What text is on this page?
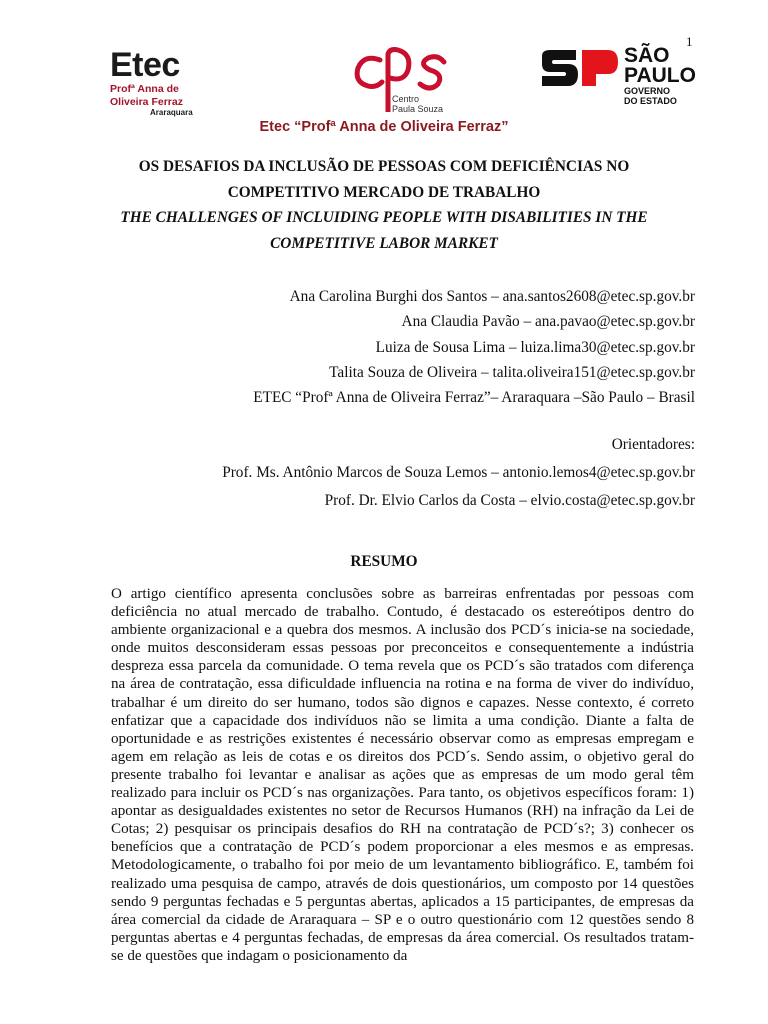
1
Etec
Profª Anna de
Oliveira Ferraz
Araraquara
Centro
Paula Souza
SÃO
PAULO
GOVERNO
DO ESTADO
Etec “Profª Anna de Oliveira Ferraz”
OS DESAFIOS DA INCLUSÃO DE PESSOAS COM DEFICIÊNCIAS NO
COMPETITIVO MERCADO DE TRABALHO
THE CHALLENGES OF INCLUIDING PEOPLE WITH DISABILITIES IN THE
COMPETITIVE LABOR MARKET
Ana Carolina Burghi dos Santos – ana.santos2608@etec.sp.gov.br
Ana Claudia Pavão – ana.pavao@etec.sp.gov.br
Luiza de Sousa Lima – luiza.lima30@etec.sp.gov.br
Talita Souza de Oliveira – talita.oliveira151@etec.sp.gov.br
ETEC “Profª Anna de Oliveira Ferraz”– Araraquara –São Paulo – Brasil
Orientadores:
Prof. Ms. Antônio Marcos de Souza Lemos – antonio.lemos4@etec.sp.gov.br
Prof. Dr. Elvio Carlos da Costa – elvio.costa@etec.sp.gov.br
RESUMO

O artigo científico apresenta conclusões sobre as barreiras enfrentadas por pessoas com deficiência no atual mercado de trabalho. Contudo, é destacado os estereótipos dentro do ambiente organizacional e a quebra dos mesmos. A inclusão dos PCD´s inicia-se na sociedade, onde muitos desconsideram essas pessoas por preconceitos e consequentemente a indústria despreza essa parcela da comunidade. O tema revela que os PCD´s são tratados com diferença na área de contratação, essa dificuldade influencia na rotina e na forma de viver do indivíduo, trabalhar é um direito do ser humano, todos são dignos e capazes. Nesse contexto, é correto enfatizar que a capacidade dos indivíduos não se limita a uma condição. Diante a falta de oportunidade e as restrições existentes é necessário observar como as empresas empregam e agem em relação as leis de cotas e os direitos dos PCD´s. Sendo assim, o objetivo geral do presente trabalho foi levantar e analisar as ações que as empresas de um modo geral têm realizado para incluir os PCD´s nas organizações. Para tanto, os objetivos específicos foram: 1) apontar as desigualdades existentes no setor de Recursos Humanos (RH) na infração da Lei de Cotas; 2) pesquisar os principais desafios do RH na contratação de PCD´s?; 3) conhecer os benefícios que a contratação de PCD´s podem proporcionar a eles mesmos e as empresas. Metodologicamente, o trabalho foi por meio de um levantamento bibliográfico. E, também foi realizado uma pesquisa de campo, através de dois questionários, um composto por 14 questões sendo 9 perguntas fechadas e 5 perguntas abertas, aplicados a 15 participantes, de empresas da área comercial da cidade de Araraquara – SP e o outro questionário com 12 questões sendo 8 perguntas abertas e 4 perguntas fechadas, de empresas da área comercial. Os resultados tratam-se de questões que indagam o posicionamento da
